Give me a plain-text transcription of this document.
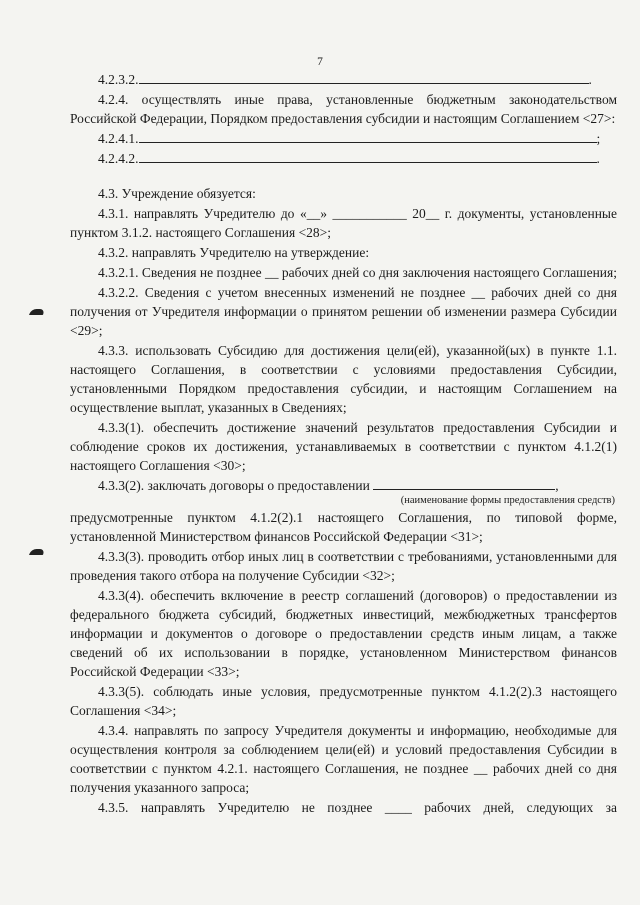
7

4.2.3.2.	.

4.2.4. осуществлять иные права, установленные бюджетным законодательством Российской Федерации, Порядком предоставления субсидии и настоящим Соглашением <27>:

4.2.4.1.	;

4.2.4.2.	.

4.3. Учреждение обязуется:

4.3.1. направлять Учредителю до «__» ___________ 20__ г. документы, установленные пунктом 3.1.2. настоящего Соглашения <28>;

4.3.2. направлять Учредителю на утверждение:

4.3.2.1. Сведения не позднее __ рабочих дней со дня заключения настоящего Соглашения;

4.3.2.2. Сведения с учетом внесенных изменений не позднее __ рабочих дней со дня получения от Учредителя информации о принятом решении об изменении размера Субсидии <29>;

4.3.3. использовать Субсидию для достижения цели(ей), указанной(ых) в пункте 1.1. настоящего Соглашения, в соответствии с условиями предоставления Субсидии, установленными Порядком предоставления субсидии, и настоящим Соглашением на осуществление выплат, указанных в Сведениях;

4.3.3(1). обеспечить достижение значений результатов предоставления Субсидии и соблюдение сроков их достижения, устанавливаемых в соответствии с пунктом 4.1.2(1) настоящего Соглашения <30>;

4.3.3(2). заключать договоры о предоставлении	,

(наименование формы предоставления средств)

предусмотренные пунктом 4.1.2(2).1 настоящего Соглашения, по типовой форме, установленной Министерством финансов Российской Федерации <31>;

4.3.3(3). проводить отбор иных лиц в соответствии с требованиями, установленными для проведения такого отбора на получение Субсидии <32>;

4.3.3(4). обеспечить включение в реестр соглашений (договоров) о предоставлении из федерального бюджета субсидий, бюджетных инвестиций, межбюджетных трансфертов информации и документов о договоре о предоставлении средств иным лицам, а также сведений об их использовании в порядке, установленном Министерством финансов Российской Федерации <33>;

4.3.3(5). соблюдать иные условия, предусмотренные пунктом 4.1.2(2).3 настоящего Соглашения <34>;

4.3.4. направлять по запросу Учредителя документы и информацию, необходимые для осуществления контроля за соблюдением цели(ей) и условий предоставления Субсидии в соответствии с пунктом 4.2.1. настоящего Соглашения, не позднее __ рабочих дней со дня получения указанного запроса;

4.3.5. направлять Учредителю не позднее ____ рабочих дней, следующих за
